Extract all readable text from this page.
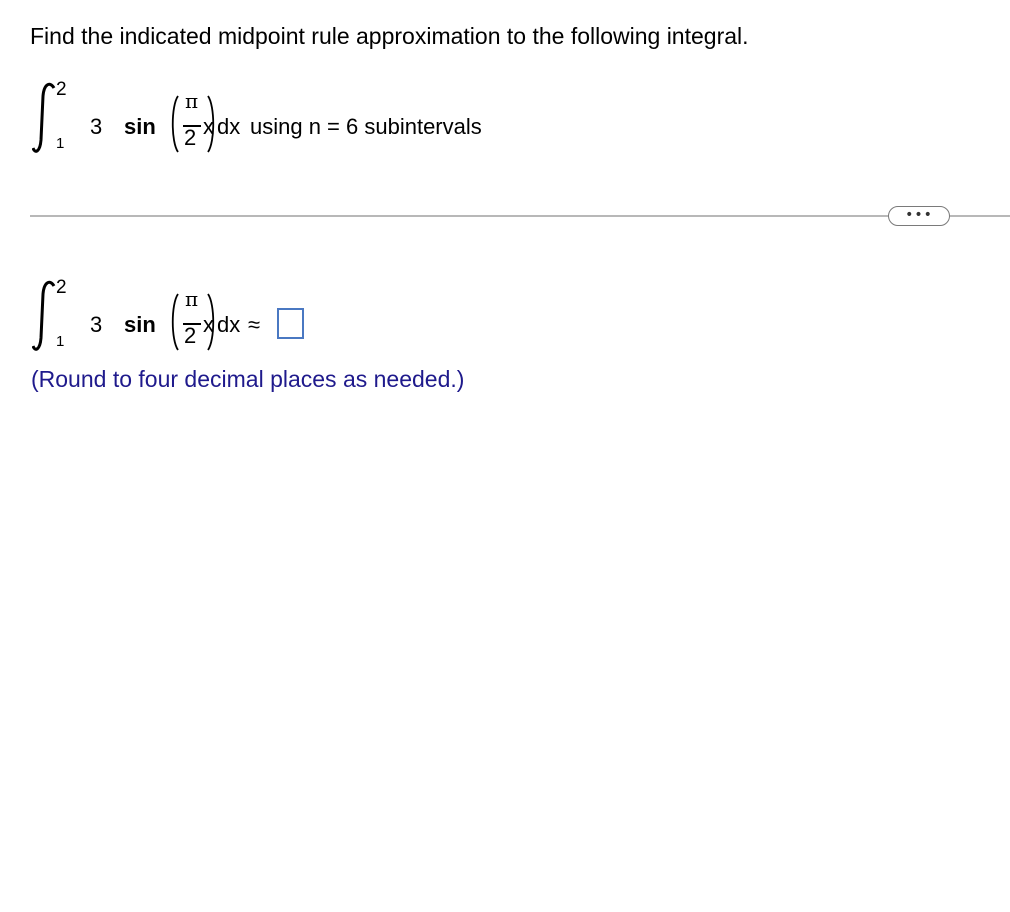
Find the indicated midpoint rule approximation to the following integral.
2
1
3 sin
π
2 x dx using n = 6 subintervals
•••
2
1
3 sin
π
2 x dx ≈
(Round to four decimal places as needed.)
